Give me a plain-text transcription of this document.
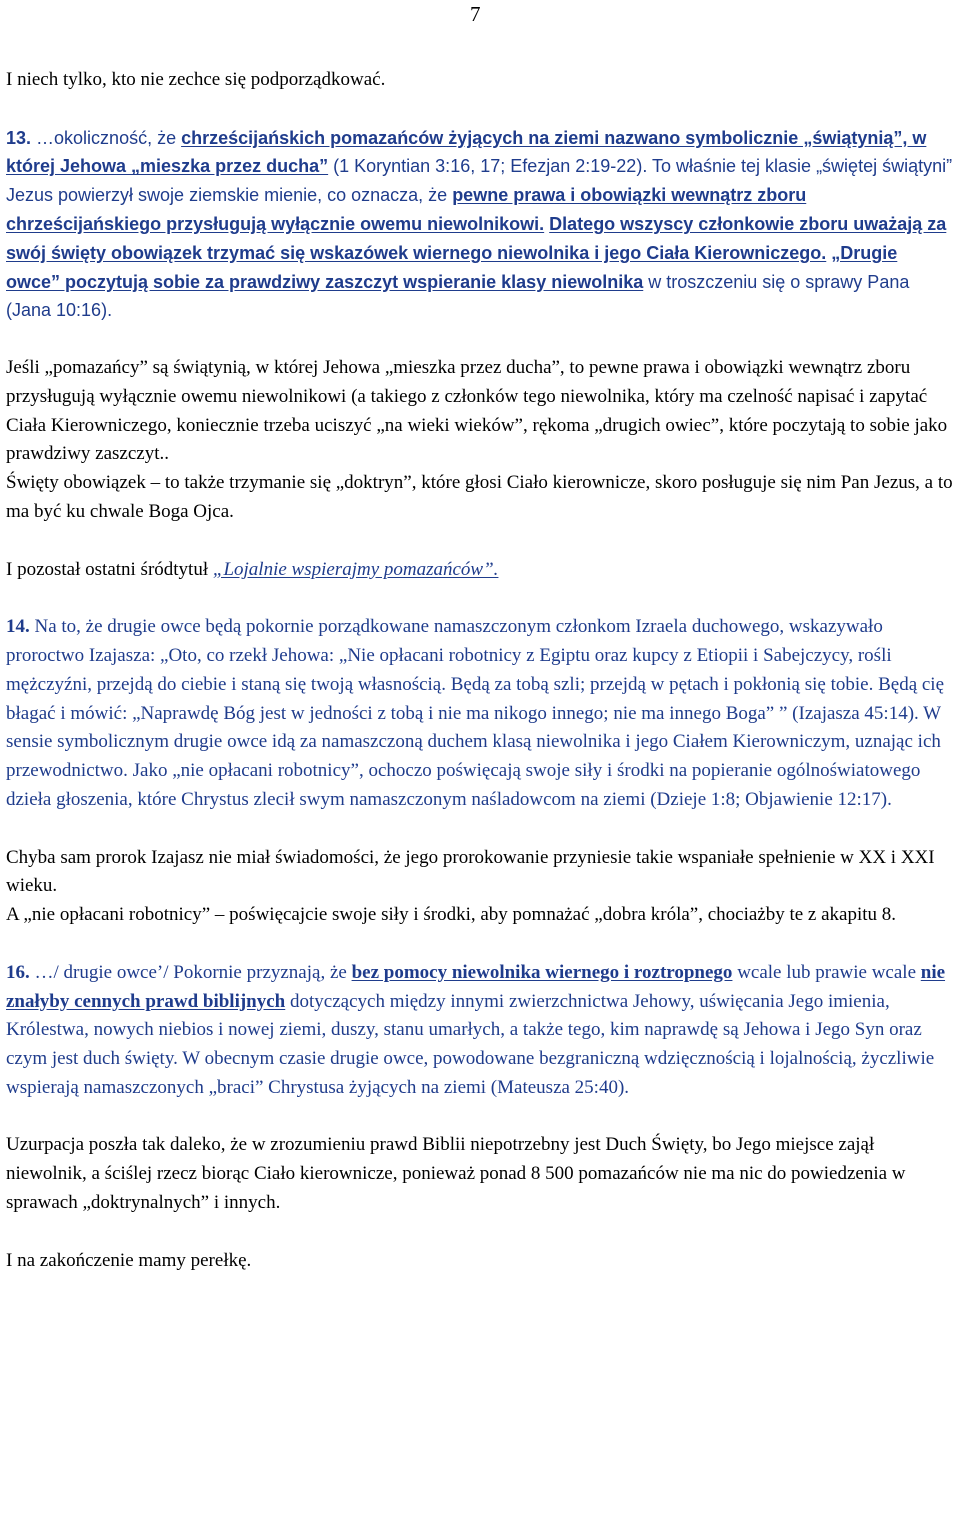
7

I niech tylko, kto nie zechce się podporządkować.

13. …okoliczność, że chrześcijańskich pomazańców żyjących na ziemi nazwano symbolicznie „świątynią”, w której Jehowa „mieszka przez ducha” (1 Koryntian 3:16, 17; Efezjan 2:19-22). To właśnie tej klasie „świętej świątyni” Jezus powierzył swoje ziemskie mienie, co oznacza, że pewne prawa i obowiązki wewnątrz zboru chrześcijańskiego przysługują wyłącznie owemu niewolnikowi. Dlatego wszyscy członkowie zboru uważają za swój święty obowiązek trzymać się wskazówek wiernego niewolnika i jego Ciała Kierowniczego. „Drugie owce” poczytują sobie za prawdziwy zaszczyt wspieranie klasy niewolnika w troszczeniu się o sprawy Pana (Jana 10:16).

Jeśli „pomazańcy” są świątynią, w której Jehowa „mieszka przez ducha”, to pewne prawa i obowiązki wewnątrz zboru przysługują wyłącznie owemu niewolnikowi (a takiego z członków tego niewolnika, który ma czelność napisać i zapytać Ciała Kierowniczego, koniecznie trzeba uciszyć „na wieki wieków”, rękoma „drugich owiec”, które poczytają to sobie jako prawdziwy zaszczyt..

Święty obowiązek – to także trzymanie się „doktryn”, które głosi Ciało kierownicze, skoro posługuje się nim Pan Jezus, a to ma być ku chwale Boga Ojca.

I pozostał ostatni śródtytuł „Lojalnie wspierajmy pomazańców”.

14. Na to, że drugie owce będą pokornie porządkowane namaszczonym członkom Izraela duchowego, wskazywało proroctwo Izajasza: „Oto, co rzekł Jehowa: „Nie opłacani robotnicy z Egiptu oraz kupcy z Etiopii i Sabejczycy, rośli mężczyźni, przejdą do ciebie i staną się twoją własnością. Będą za tobą szli; przejdą w pętach i pokłonią się tobie. Będą cię błagać i mówić: „Naprawdę Bóg jest w jedności z tobą i nie ma nikogo innego; nie ma innego Boga” ” (Izajasza 45:14). W sensie symbolicznym drugie owce idą za namaszczoną duchem klasą niewolnika i jego Ciałem Kierowniczym, uznając ich przewodnictwo. Jako „nie opłacani robotnicy”, ochoczo poświęcają swoje siły i środki na popieranie ogólnoświatowego dzieła głoszenia, które Chrystus zlecił swym namaszczonym naśladowcom na ziemi (Dzieje 1:8; Objawienie 12:17).

Chyba sam prorok Izajasz nie miał świadomości, że jego prorokowanie przyniesie takie wspaniałe spełnienie w XX i XXI wieku.

A „nie opłacani robotnicy” – poświęcajcie swoje siły i środki, aby pomnażać „dobra króla”, chociażby te z akapitu 8.

16. …/ drugie owce’/ Pokornie przyznają, że bez pomocy niewolnika wiernego i roztropnego wcale lub prawie wcale nie znałyby cennych prawd biblijnych dotyczących między innymi zwierzchnictwa Jehowy, uświęcania Jego imienia, Królestwa, nowych niebios i nowej ziemi, duszy, stanu umarłych, a także tego, kim naprawdę są Jehowa i Jego Syn oraz czym jest duch święty. W obecnym czasie drugie owce, powodowane bezgraniczną wdzięcznością i lojalnością, życzliwie wspierają namaszczonych „braci” Chrystusa żyjących na ziemi (Mateusza 25:40).

Uzurpacja poszła tak daleko, że w zrozumieniu prawd Biblii niepotrzebny jest Duch Święty, bo Jego miejsce zajął niewolnik, a ściślej rzecz biorąc Ciało kierownicze, ponieważ ponad 8 500 pomazańców nie ma nic do powiedzenia w sprawach „doktrynalnych” i innych.

I na zakończenie mamy perełkę.
